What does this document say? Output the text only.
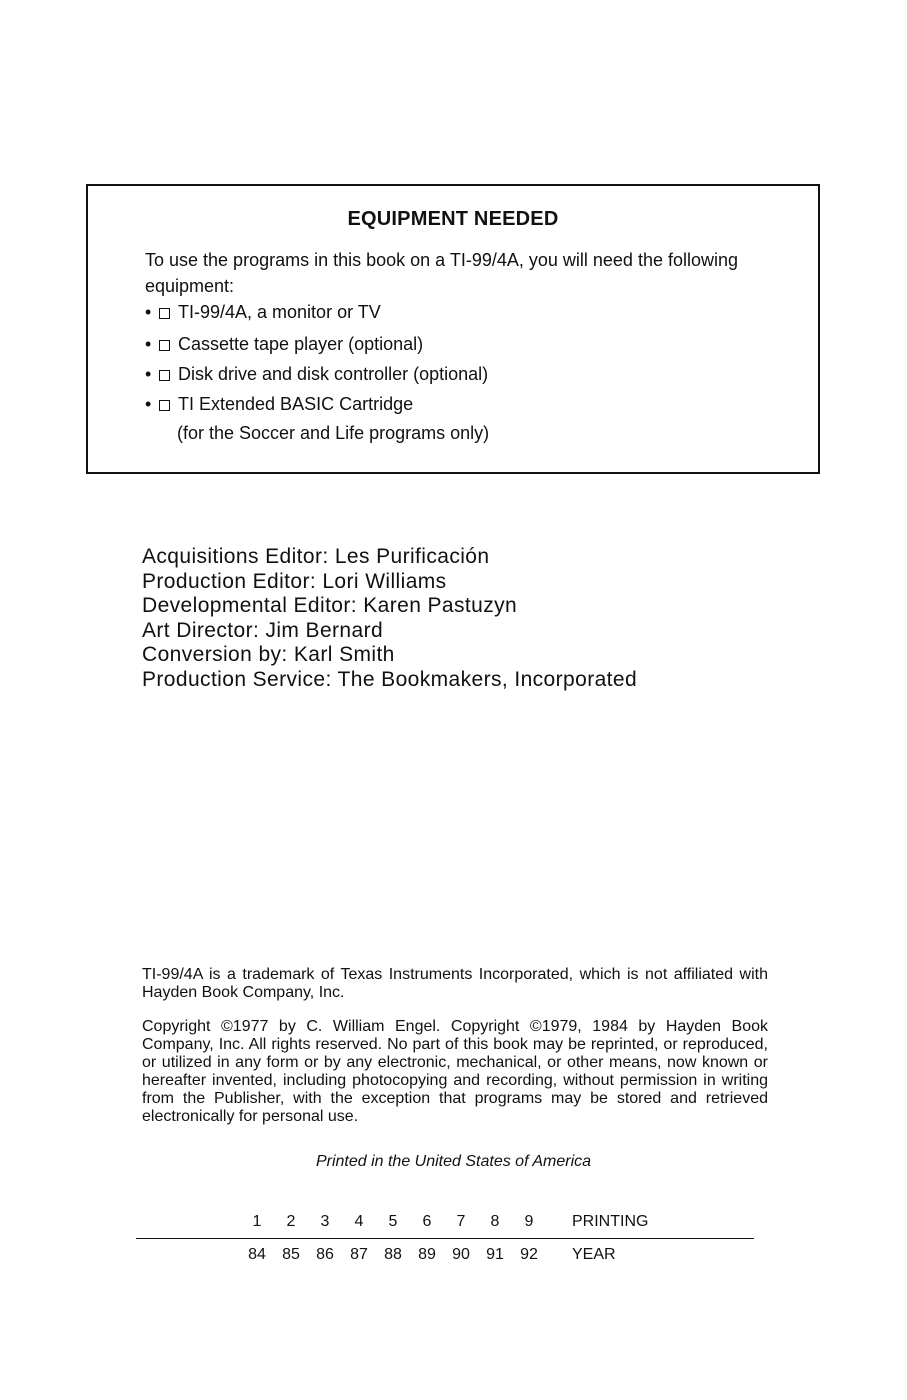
EQUIPMENT NEEDED
To use the programs in this book on a TI-99/4A, you will need the following equipment:
• TI-99/4A, a monitor or TV
• Cassette tape player (optional)
• Disk drive and disk controller (optional)
• TI Extended BASIC Cartridge
(for the Soccer and Life programs only)
Acquisitions Editor: Les Purificación
Production Editor: Lori Williams
Developmental Editor: Karen Pastuzyn
Art Director: Jim Bernard
Conversion by: Karl Smith
Production Service: The Bookmakers, Incorporated
TI-99/4A is a trademark of Texas Instruments Incorporated, which is not affiliated with Hayden Book Company, Inc.
Copyright ©1977 by C. William Engel. Copyright ©1979, 1984 by Hayden Book Company, Inc. All rights reserved. No part of this book may be reprinted, or reproduced, or utilized in any form or by any electronic, mechanical, or other means, now known or hereafter invented, including photocopying and recording, without permission in writing from the Publisher, with the exception that programs may be stored and retrieved electronically for personal use.
Printed in the United States of America
1 2 3 4 5 6 7 8 9 PRINTING
84 85 86 87 88 89 90 91 92 YEAR
